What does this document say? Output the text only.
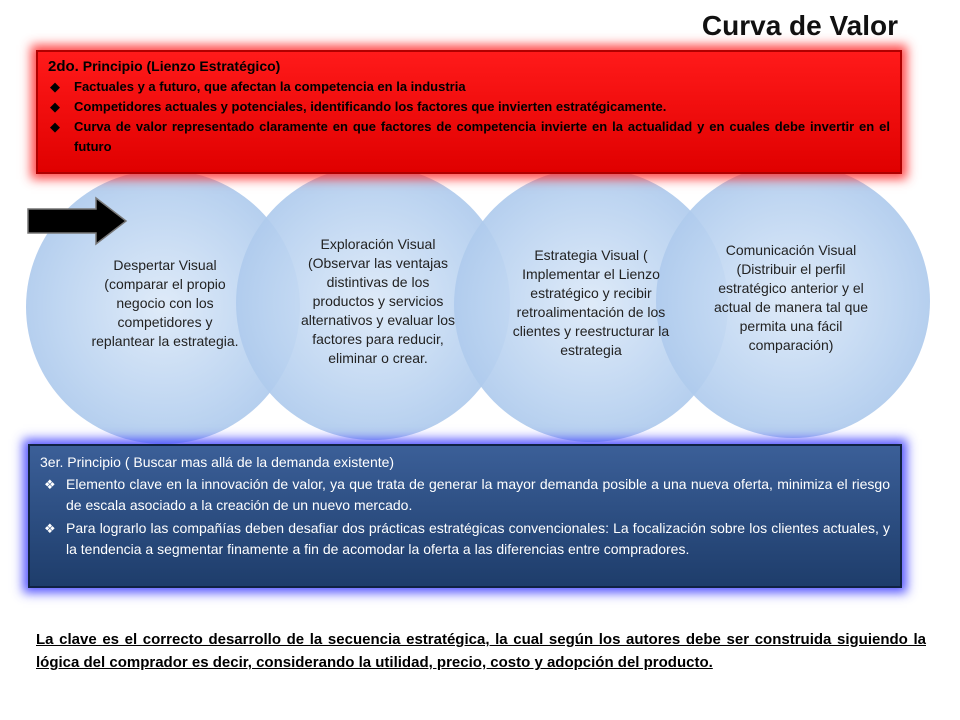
Curva de Valor
Despertar Visual (comparar el propio negocio con los competidores y replantear la estrategia.
Exploración Visual (Observar las ventajas distintivas de los productos y servicios alternativos y evaluar los factores para reducir, eliminar o crear.
Estrategia Visual ( Implementar el Lienzo estratégico y recibir retroalimentación de los clientes y reestructurar la estrategia
Comunicación Visual (Distribuir el perfil estratégico anterior y el actual de manera tal que permita una fácil comparación)
2do. Principio (Lienzo Estratégico)
◆ Factuales y a futuro, que afectan la competencia en la industria
◆ Competidores actuales y potenciales, identificando los factores que invierten estratégicamente.
◆ Curva de valor representado claramente en que factores de competencia invierte en la actualidad y en cuales debe invertir en el futuro
3er. Principio ( Buscar mas allá de la demanda existente)
❖ Elemento clave en la innovación de valor, ya que trata de generar la mayor demanda posible a una nueva oferta, minimiza el riesgo de escala asociado a la creación de un nuevo mercado.
❖ Para lograrlo las compañías deben desafiar dos prácticas estratégicas convencionales: La focalización sobre los clientes actuales, y la tendencia a segmentar finamente a fin de acomodar la oferta a las diferencias entre compradores.
La clave es el correcto desarrollo de la secuencia estratégica, la cual según los autores debe ser construida siguiendo la lógica del comprador es decir, considerando la utilidad, precio, costo y adopción del producto.
